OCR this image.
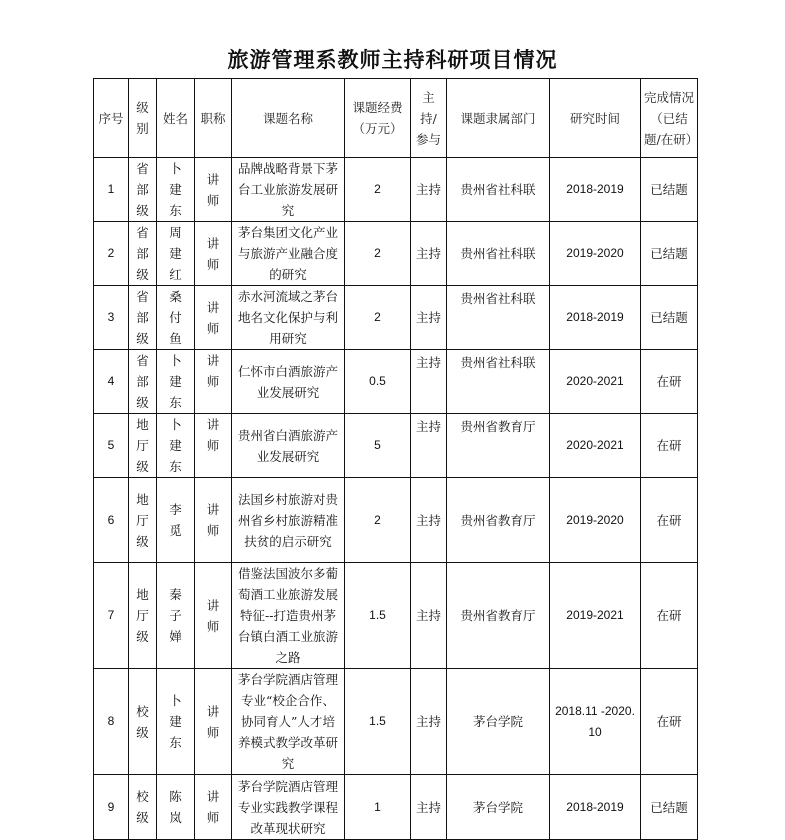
旅游管理系教师主持科研项目情况
序号	级别	姓名	职称	课题名称	课题经费（万元）	主持/参与	课题隶属部门	研究时间	完成情况（已结题/在研）
1	省部级	卜建东	讲师	品牌战略背景下茅台工业旅游发展研究	2	主持	贵州省社科联	2018-2019	已结题
2	省部级	周建红	讲师	茅台集团文化产业与旅游产业融合度的研究	2	主持	贵州省社科联	2019-2020	已结题
3	省部级	桑付鱼	讲师	赤水河流域之茅台地名文化保护与利用研究	2	主持	贵州省社科联	2018-2019	已结题
4	省部级	卜建东	讲师	仁怀市白酒旅游产业发展研究	0.5	主持	贵州省社科联	2020-2021	在研
5	地厅级	卜建东	讲师	贵州省白酒旅游产业发展研究	5	主持	贵州省教育厅	2020-2021	在研
6	地厅级	李觅	讲师	法国乡村旅游对贵州省乡村旅游精准扶贫的启示研究	2	主持	贵州省教育厅	2019-2020	在研
7	地厅级	秦子婵	讲师	借鉴法国波尔多葡萄酒工业旅游发展特征--打造贵州茅台镇白酒工业旅游之路	1.5	主持	贵州省教育厅	2019-2021	在研
8	校级	卜建东	讲师	茅台学院酒店管理专业“校企合作、协同育人”人才培养模式教学改革研究	1.5	主持	茅台学院	2018.11 -2020.10	在研
9	校级	陈岚	讲师	茅台学院酒店管理专业实践教学课程改革现状研究	1	主持	茅台学院	2018-2019	已结题
